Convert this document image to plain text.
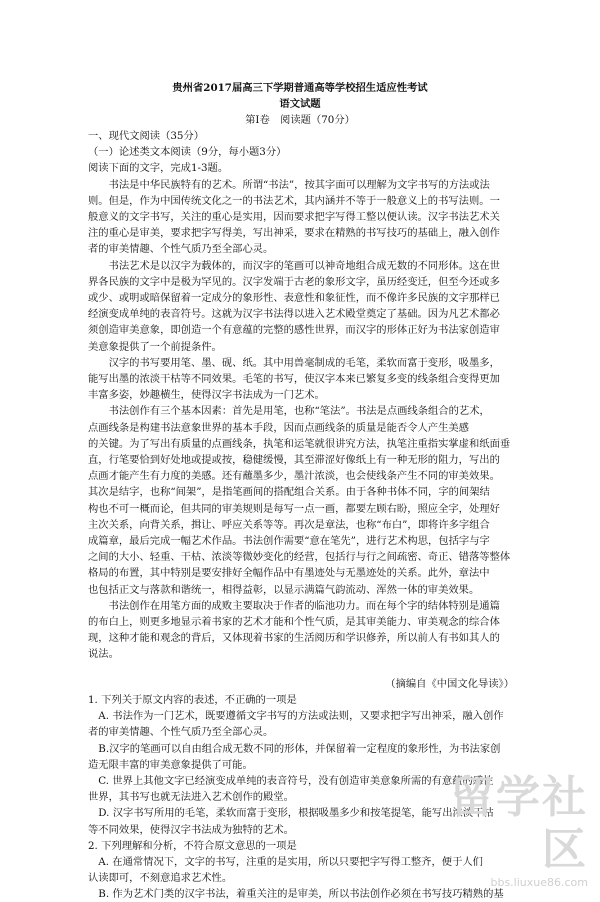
贵州省2017届高三下学期普通高等学校招生适应性考试
语文试题
第Ⅰ卷　阅读题（70分）
一、现代文阅读（35分）
（一）论述类文本阅读（9分，每小题3分）
阅读下面的文字，完成1-3题。
　　书法是中华民族特有的艺术。所谓“书法”，按其字面可以理解为文字书写的方法或法
则。但是，作为中国传统文化之一的书法艺术，其内涵并不等于一般意义上的书写法则。一
般意义的文字书写，关注的重心是实用，因而要求把字写得工整以便认读。汉字书法艺术关
注的重心是审美，要求把字写得美，写出神采，要求在精熟的书写技巧的基础上，融入创作
者的审美情趣、个性气质乃至全部心灵。
　　书法艺术是以汉字为载体的，而汉字的笔画可以神奇地组合成无数的不同形体。这在世
界各民族的文字中是极为罕见的。汉字发端于古老的象形文字，虽历经变迁，但至今还或多
或少、或明或暗保留着一定成分的象形性、表意性和象征性，而不像许多民族的文字那样已
经演变成单纯的表音符号。这就为汉字书法得以进入艺术殿堂奠定了基础。因为凡艺术都必
须创造审美意象，即创造一个有意蕴的完整的感性世界，而汉字的形体正好为书法家创造审
美意象提供了一个前提条件。
　　汉字的书写要用笔、墨、砚、纸。其中用兽毫制成的毛笔，柔软而富于变形，吸墨多，
能写出墨的浓淡干枯等不同效果。毛笔的书写，使汉字本来已繁复多变的线条组合变得更加
丰富多姿，妙趣横生，使得汉字书法成为一门艺术。
　　书法创作有三个基本因素：首先是用笔，也称“笔法”。书法是点画线条组合的艺术，
点画线条是构建书法意象世界的基本手段，因而点画线条的质量是能否令人产生美感
的关键。为了写出有质量的点画线条，执笔和运笔就很讲究方法，执笔注重指实掌虚和纸面垂
直，行笔要恰到好处地或提或按，稳健缓慢，其至滞涩好像纸上有一种无形的阻力，写出的
点画才能产生有力度的美感。还有蘸墨多少，墨汁浓淡，也会使线条产生不同的审美效果。
其次是结字，也称“间架”，是指笔画间的搭配组合关系。由于各种书体不同，字的间架结
构也不可一概而论，但共同的审美规则是每写一点一画，都要左顾右盼，照应全字，处理好
主次关系，向背关系，揖让、呼应关系等等。再次是章法，也称“布白”，即将许多字组合
成篇章，最后完成一幅艺术作品。书法创作需要“意在笔先”，进行艺术构思，包括字与字
之间的大小、轻重、干枯、浓淡等微妙变化的经营，包括行与行之间疏密、奇正、错落等整体
格局的布置，其中特别是要安排好全幅作品中有墨迹处与无墨迹处的关系。此外，章法中
也包括正文与落款和谐统一，相得益彰，以显示满篇气韵流动、浑然一体的审美效果。
　　书法创作在用笔方面的成败主要取决于作者的临池功力。而在每个字的结体特别是通篇
的布白上，则更多地显示着书家的艺术才能和个性气质，是其审美能力、审美观念的综合体
现，这种才能和观念的背后，又体现着书家的生活阅历和学识修养，所以前人有书如其人的
说法。
（摘编自《中国文化导读》）
1. 下列关于原文内容的表述，不正确的一项是
　A. 书法作为一门艺术，既要遵循文字书写的方法或法则，又要求把字写出神采，融入创作
者的审美情趣、个性气质乃至全部心灵。
　B.汉字的笔画可以自由组合成无数不同的形体，并保留着一定程度的象形性，为书法家创
造无限丰富的审美意象提供了可能。
　C. 世界上其他文字已经演变成单纯的表音符号，没有创造审美意象所需的有意蕴的感性
世界，其书写也就无法进入艺术创作的殿堂。
　D. 汉字书写所用的毛笔，柔软而富于变形，根据吸墨多少和按笔提笔，能写出浓淡干枯
等不同效果，使得汉字书法成为独特的艺术。
2. 下列理解和分析，不符合原文意思的一项是
　A. 在通常情况下，文字的书写，注重的是实用，所以只要把字写得工整齐，便于人们
认读即可，不刻意追求艺术性。
　B. 作为艺术门类的汉字书法，着重关注的是审美，所以书法创作必须在书写技巧精熟的基
留学社区
bbs.liuxue86.com
